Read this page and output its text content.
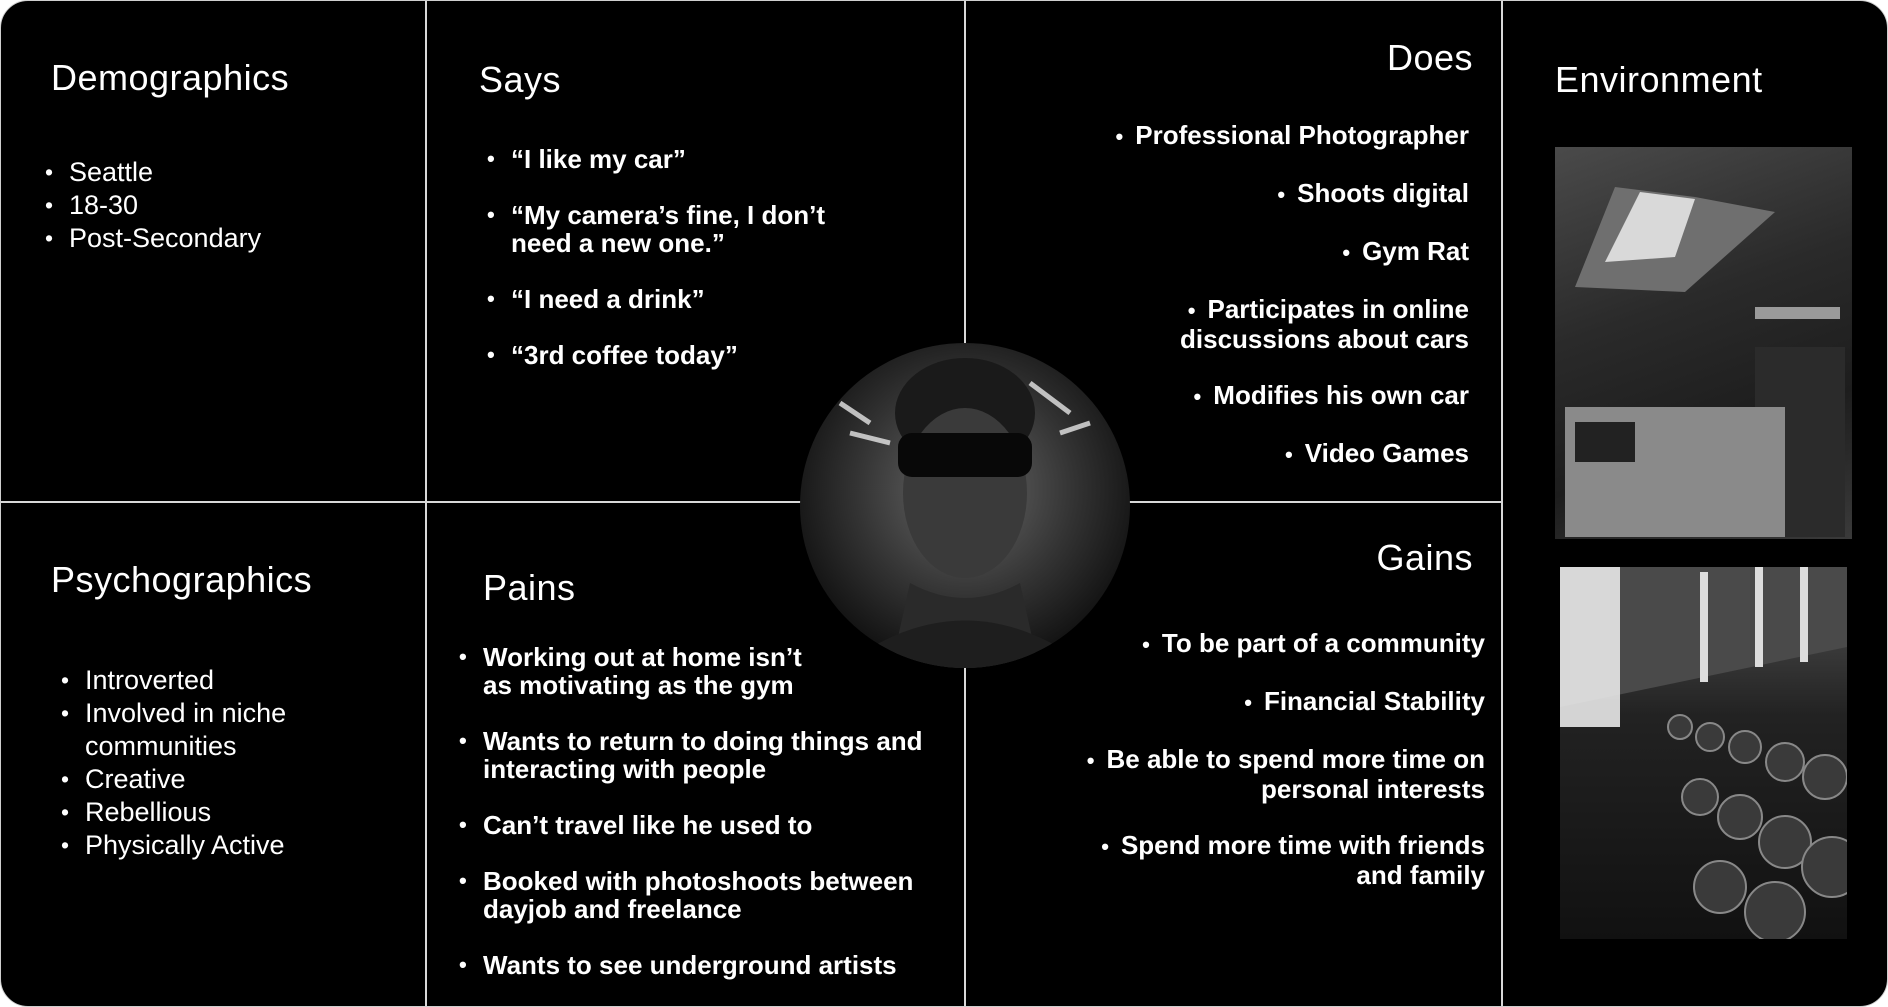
Demographics
• Seattle
• 18-30
• Post-Secondary
Says
• “I like my car”
• “My camera’s fine, I don’t
need a new one.”
• “I need a drink”
• “3rd coffee today”
Does
• Professional Photographer
• Shoots digital
• Gym Rat
• Participates in online
discussions about cars
• Modifies his own car
• Video Games
Environment
Psychographics
• Introverted
• Involved in niche
communities
• Creative
• Rebellious
• Physically Active
Pains
• Working out at home isn’t
as motivating as the gym
• Wants to return to doing things and
interacting with people
• Can’t travel like he used to
• Booked with photoshoots between
dayjob and freelance
• Wants to see underground artists
Gains
• To be part of a community
• Financial Stability
• Be able to spend more time on
personal interests
• Spend more time with friends
and family
